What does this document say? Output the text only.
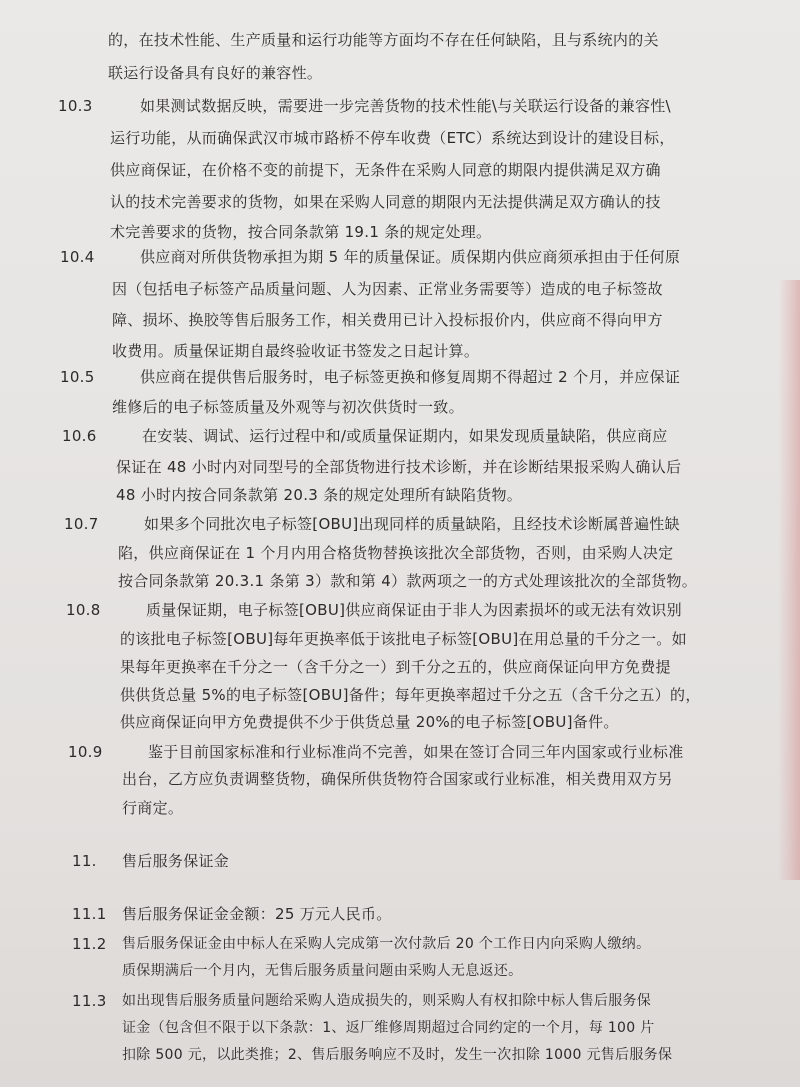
的，在技术性能、生产质量和运行功能等方面均不存在任何缺陷，且与系统内的关
联运行设备具有良好的兼容性。
10.3	如果测试数据反映，需要进一步完善货物的技术性能\与关联运行设备的兼容性\
运行功能，从而确保武汉市城市路桥不停车收费（ETC）系统达到设计的建设目标，
供应商保证，在价格不变的前提下，无条件在采购人同意的期限内提供满足双方确
认的技术完善要求的货物，如果在采购人同意的期限内无法提供满足双方确认的技
术完善要求的货物，按合同条款第 19.1 条的规定处理。
10.4	供应商对所供货物承担为期 5 年的质量保证。质保期内供应商须承担由于任何原
因（包括电子标签产品质量问题、人为因素、正常业务需要等）造成的电子标签故
障、损坏、换胶等售后服务工作，相关费用已计入投标报价内，供应商不得向甲方
收费用。质量保证期自最终验收证书签发之日起计算。
10.5	供应商在提供售后服务时，电子标签更换和修复周期不得超过 2 个月，并应保证
维修后的电子标签质量及外观等与初次供货时一致。
10.6	在安装、调试、运行过程中和/或质量保证期内，如果发现质量缺陷，供应商应
保证在 48 小时内对同型号的全部货物进行技术诊断，并在诊断结果报采购人确认后
48 小时内按合同条款第 20.3 条的规定处理所有缺陷货物。
10.7	如果多个同批次电子标签[OBU]出现同样的质量缺陷，且经技术诊断属普遍性缺
陷，供应商保证在 1 个月内用合格货物替换该批次全部货物，否则，由采购人决定
按合同条款第 20.3.1 条第 3）款和第 4）款两项之一的方式处理该批次的全部货物。
10.8	质量保证期，电子标签[OBU]供应商保证由于非人为因素损坏的或无法有效识别
的该批电子标签[OBU]每年更换率低于该批电子标签[OBU]在用总量的千分之一。如
果每年更换率在千分之一（含千分之一）到千分之五的，供应商保证向甲方免费提
供供货总量 5%的电子标签[OBU]备件；每年更换率超过千分之五（含千分之五）的，
供应商保证向甲方免费提供不少于供货总量 20%的电子标签[OBU]备件。
10.9	鉴于目前国家标准和行业标准尚不完善，如果在签订合同三年内国家或行业标准
出台，乙方应负责调整货物，确保所供货物符合国家或行业标准，相关费用双方另
行商定。
11. 售后服务保证金
11.1 售后服务保证金金额：25 万元人民币。
11.2 售后服务保证金由中标人在采购人完成第一次付款后 20 个工作日内向采购人缴纳。
质保期满后一个月内，无售后服务质量问题由采购人无息返还。
11.3 如出现售后服务质量问题给采购人造成损失的，则采购人有权扣除中标人售后服务保
证金（包含但不限于以下条款：1、返厂维修周期超过合同约定的一个月，每 100 片
扣除 500 元，以此类推；2、售后服务响应不及时，发生一次扣除 1000 元售后服务保
